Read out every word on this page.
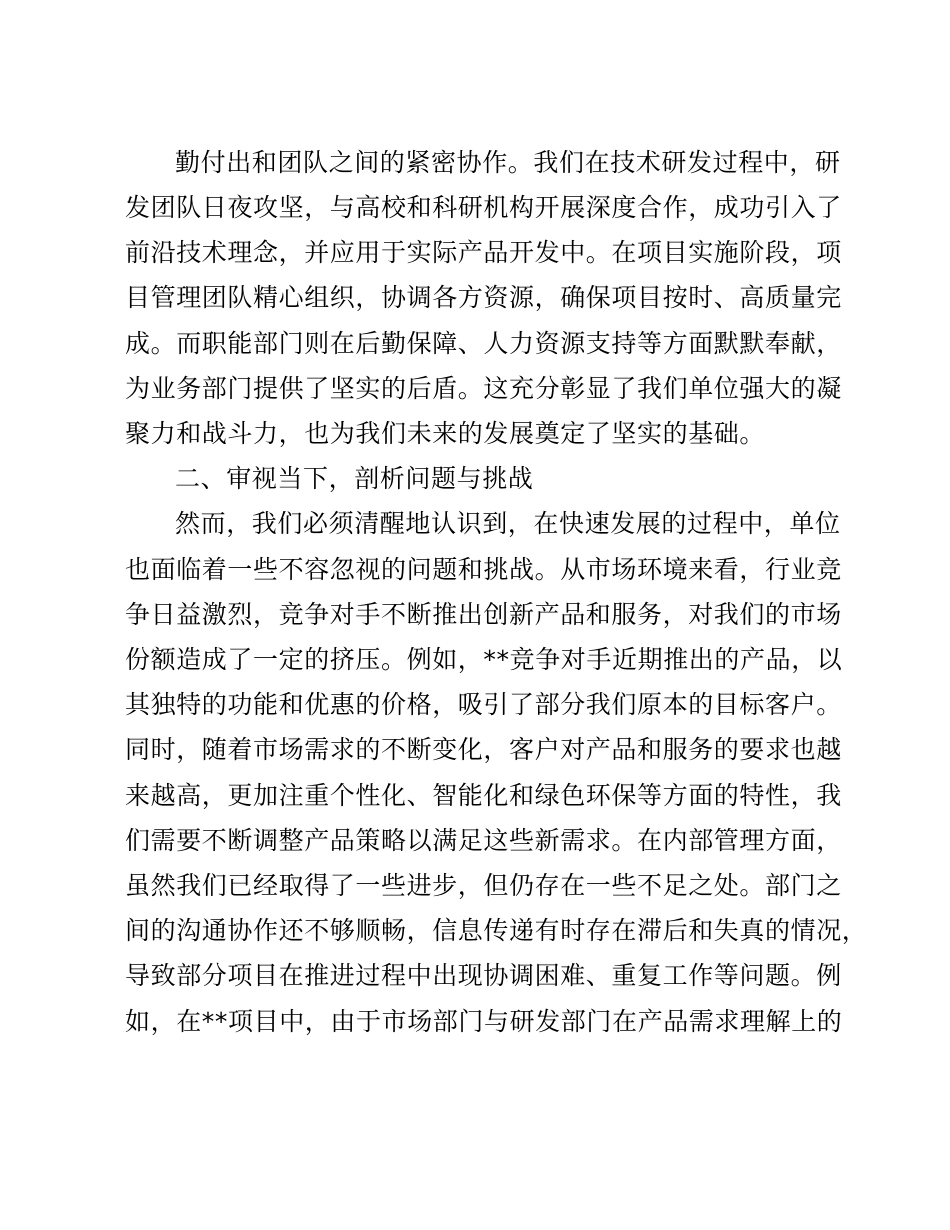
勤付出和团队之间的紧密协作。我们在技术研发过程中，研
发团队日夜攻坚，与高校和科研机构开展深度合作，成功引入了
前沿技术理念，并应用于实际产品开发中。在项目实施阶段，项
目管理团队精心组织，协调各方资源，确保项目按时、高质量完
成。而职能部门则在后勤保障、人力资源支持等方面默默奉献，
为业务部门提供了坚实的后盾。这充分彰显了我们单位强大的凝
聚力和战斗力，也为我们未来的发展奠定了坚实的基础。
二、审视当下，剖析问题与挑战
然而，我们必须清醒地认识到，在快速发展的过程中，单位
也面临着一些不容忽视的问题和挑战。从市场环境来看，行业竞
争日益激烈，竞争对手不断推出创新产品和服务，对我们的市场
份额造成了一定的挤压。例如，**竞争对手近期推出的产品，以
其独特的功能和优惠的价格，吸引了部分我们原本的目标客户。
同时，随着市场需求的不断变化，客户对产品和服务的要求也越
来越高，更加注重个性化、智能化和绿色环保等方面的特性，我
们需要不断调整产品策略以满足这些新需求。在内部管理方面，
虽然我们已经取得了一些进步，但仍存在一些不足之处。部门之
间的沟通协作还不够顺畅，信息传递有时存在滞后和失真的情况，
导致部分项目在推进过程中出现协调困难、重复工作等问题。例
如，在**项目中，由于市场部门与研发部门在产品需求理解上的
